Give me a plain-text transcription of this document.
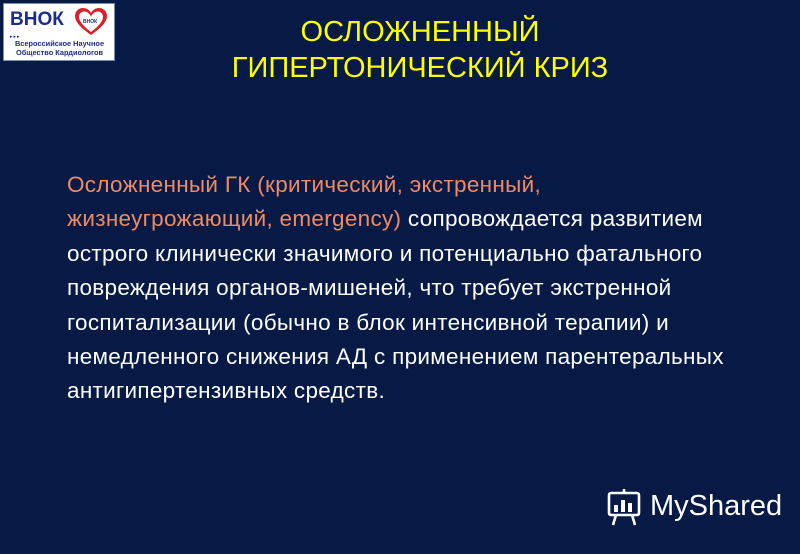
ВНОК	ВНОК
▸▸▸
Всероссийское Научное
Общество Кардиологов
ОСЛОЖНЕННЫЙ
ГИПЕРТОНИЧЕСКИЙ КРИЗ
Осложненный ГК (критический, экстренный, жизнеугрожающий, emergency) сопровождается развитием острого клинически значимого и потенциально фатального повреждения органов-мишеней, что требует экстренной госпитализации (обычно в блок интенсивной терапии) и немедленного снижения АД с применением парентеральных антигипертензивных средств.
MyShared
